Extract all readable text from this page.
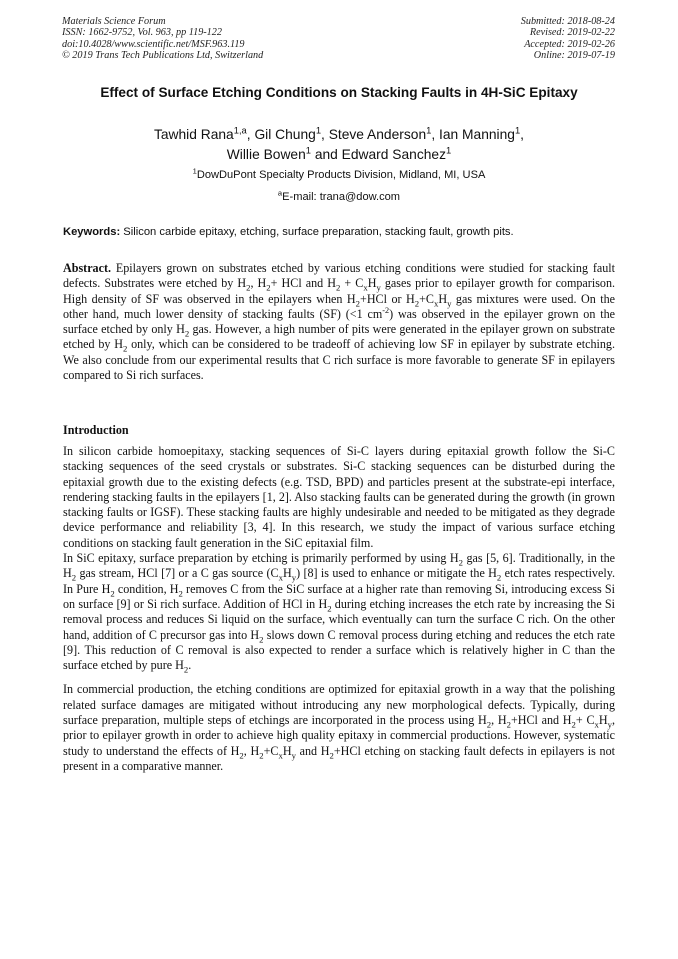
Materials Science Forum
ISSN: 1662-9752, Vol. 963, pp 119-122
doi:10.4028/www.scientific.net/MSF.963.119
© 2019 Trans Tech Publications Ltd, Switzerland
Submitted: 2018-08-24
Revised: 2019-02-22
Accepted: 2019-02-26
Online: 2019-07-19
Effect of Surface Etching Conditions on Stacking Faults in 4H-SiC Epitaxy
Tawhid Rana$^{1,a}$, Gil Chung$^1$, Steve Anderson$^1$, Ian Manning$^1$,
Willie Bowen$^1$ and Edward Sanchez$^1$
$^1$DowDuPont Specialty Products Division, Midland, MI, USA
$^a$E-mail: trana@dow.com
Keywords: Silicon carbide epitaxy, etching, surface preparation, stacking fault, growth pits.

Abstract. Epilayers grown on substrates etched by various etching conditions were studied for stacking fault defects. Substrates were etched by $H_2$, $H_2+$ HCl and $H_2 + C_xH_y$ gases prior to epilayer growth for comparison. High density of SF was observed in the epilayers when $H_2+HCl$ or $H_2+C_xH_y$ gas mixtures were used. On the other hand, much lower density of stacking faults (SF) (<1 $cm^{-2}$) was observed in the epilayer grown on the surface etched by only $H_2$ gas. However, a high number of pits were generated in the epilayer grown on substrate etched by $H_2$ only, which can be considered to be tradeoff of achieving low SF in epilayer by substrate etching. We also conclude from our experimental results that C rich surface is more favorable to generate SF in epilayers compared to Si rich surfaces.

Introduction

In silicon carbide homoepitaxy, stacking sequences of Si-C layers during epitaxial growth follow the Si-C stacking sequences of the seed crystals or substrates. Si-C stacking sequences can be disturbed during the epitaxial growth due to the existing defects (e.g. TSD, BPD) and particles present at the substrate-epi interface, rendering stacking faults in the epilayers [1, 2]. Also stacking faults can be generated during the growth (in grown stacking faults or IGSF). These stacking faults are highly undesirable and needed to be mitigated as they degrade device performance and reliability [3, 4]. In this research, we study the impact of various surface etching conditions on stacking fault generation in the SiC epitaxial film.

In SiC epitaxy, surface preparation by etching is primarily performed by using $H_2$ gas [5, 6]. Traditionally, in the $H_2$ gas stream, HCl [7] or a C gas source $(C_xH_y)$ [8] is used to enhance or mitigate the $H_2$ etch rates respectively. In Pure $H_2$ condition, $H_2$ removes C from the SiC surface at a higher rate than removing Si, introducing excess Si on surface [9] or Si rich surface. Addition of HCl in $H_2$ during etching increases the etch rate by increasing the Si removal process and reduces Si liquid on the surface, which eventually can turn the surface C rich. On the other hand, addition of C precursor gas into $H_2$ slows down C removal process during etching and reduces the etch rate [9]. This reduction of C removal is also expected to render a surface which is relatively higher in C than the surface etched by pure $H_2$.

In commercial production, the etching conditions are optimized for epitaxial growth in a way that the polishing related surface damages are mitigated without introducing any new morphological defects. Typically, during surface preparation, multiple steps of etchings are incorporated in the process using $H_2$, $H_2+HCl$ and $H_2+ C_xH_y$, prior to epilayer growth in order to achieve high quality epitaxy in commercial productions. However, systematic study to understand the effects of $H_2$, $H_2+C_xH_y$ and $H_2+HCl$ etching on stacking fault defects in epilayers is not present in a comparative manner.
